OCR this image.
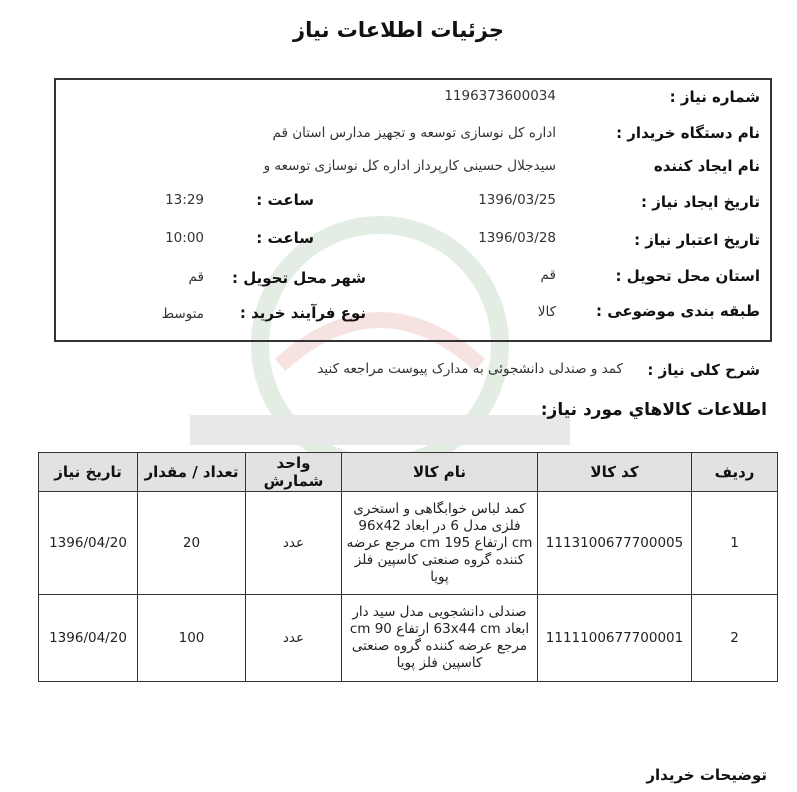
جزئیات اطلاعات نیاز
شماره نیاز :
1196373600034
نام دستگاه خریدار :
اداره کل نوسازی توسعه و تجهیز مدارس استان قم
نام ایجاد کننده
سیدجلال حسینی کارپرداز اداره کل نوسازی توسعه و
تاریخ ایجاد نیاز :
1396/03/25
ساعت :
13:29
تاریخ اعتبار نیاز :
1396/03/28
ساعت :
10:00
استان محل تحویل :
قم
شهر محل تحویل :
قم
طبقه بندی موضوعی :
کالا
نوع فرآیند خرید :
متوسط
شرح کلی نیاز :
کمد و صندلی دانشجوئی به مدارک پیوست مراجعه کنید
اطلاعات کالاهاي مورد نیاز:
ردیف	کد کالا	نام کالا	واحد شمارش	تعداد / مقدار	تاریخ نیاز
1	1113100677700005	کمد لباس خوابگاهی و استخری فلزی مدل 6 در ابعاد 96x42 cm ارتفاع 195 cm مرجع عرضه کننده گروه صنعتی کاسپین فلز پویا	عدد	20	1396/04/20
2	1111100677700001	صندلی دانشجویی مدل سید دار ابعاد 63x44 cm ارتفاع 90 cm مرجع عرضه کننده گروه صنعتی کاسپین فلز پویا	عدد	100	1396/04/20
توضیحات خریدار
